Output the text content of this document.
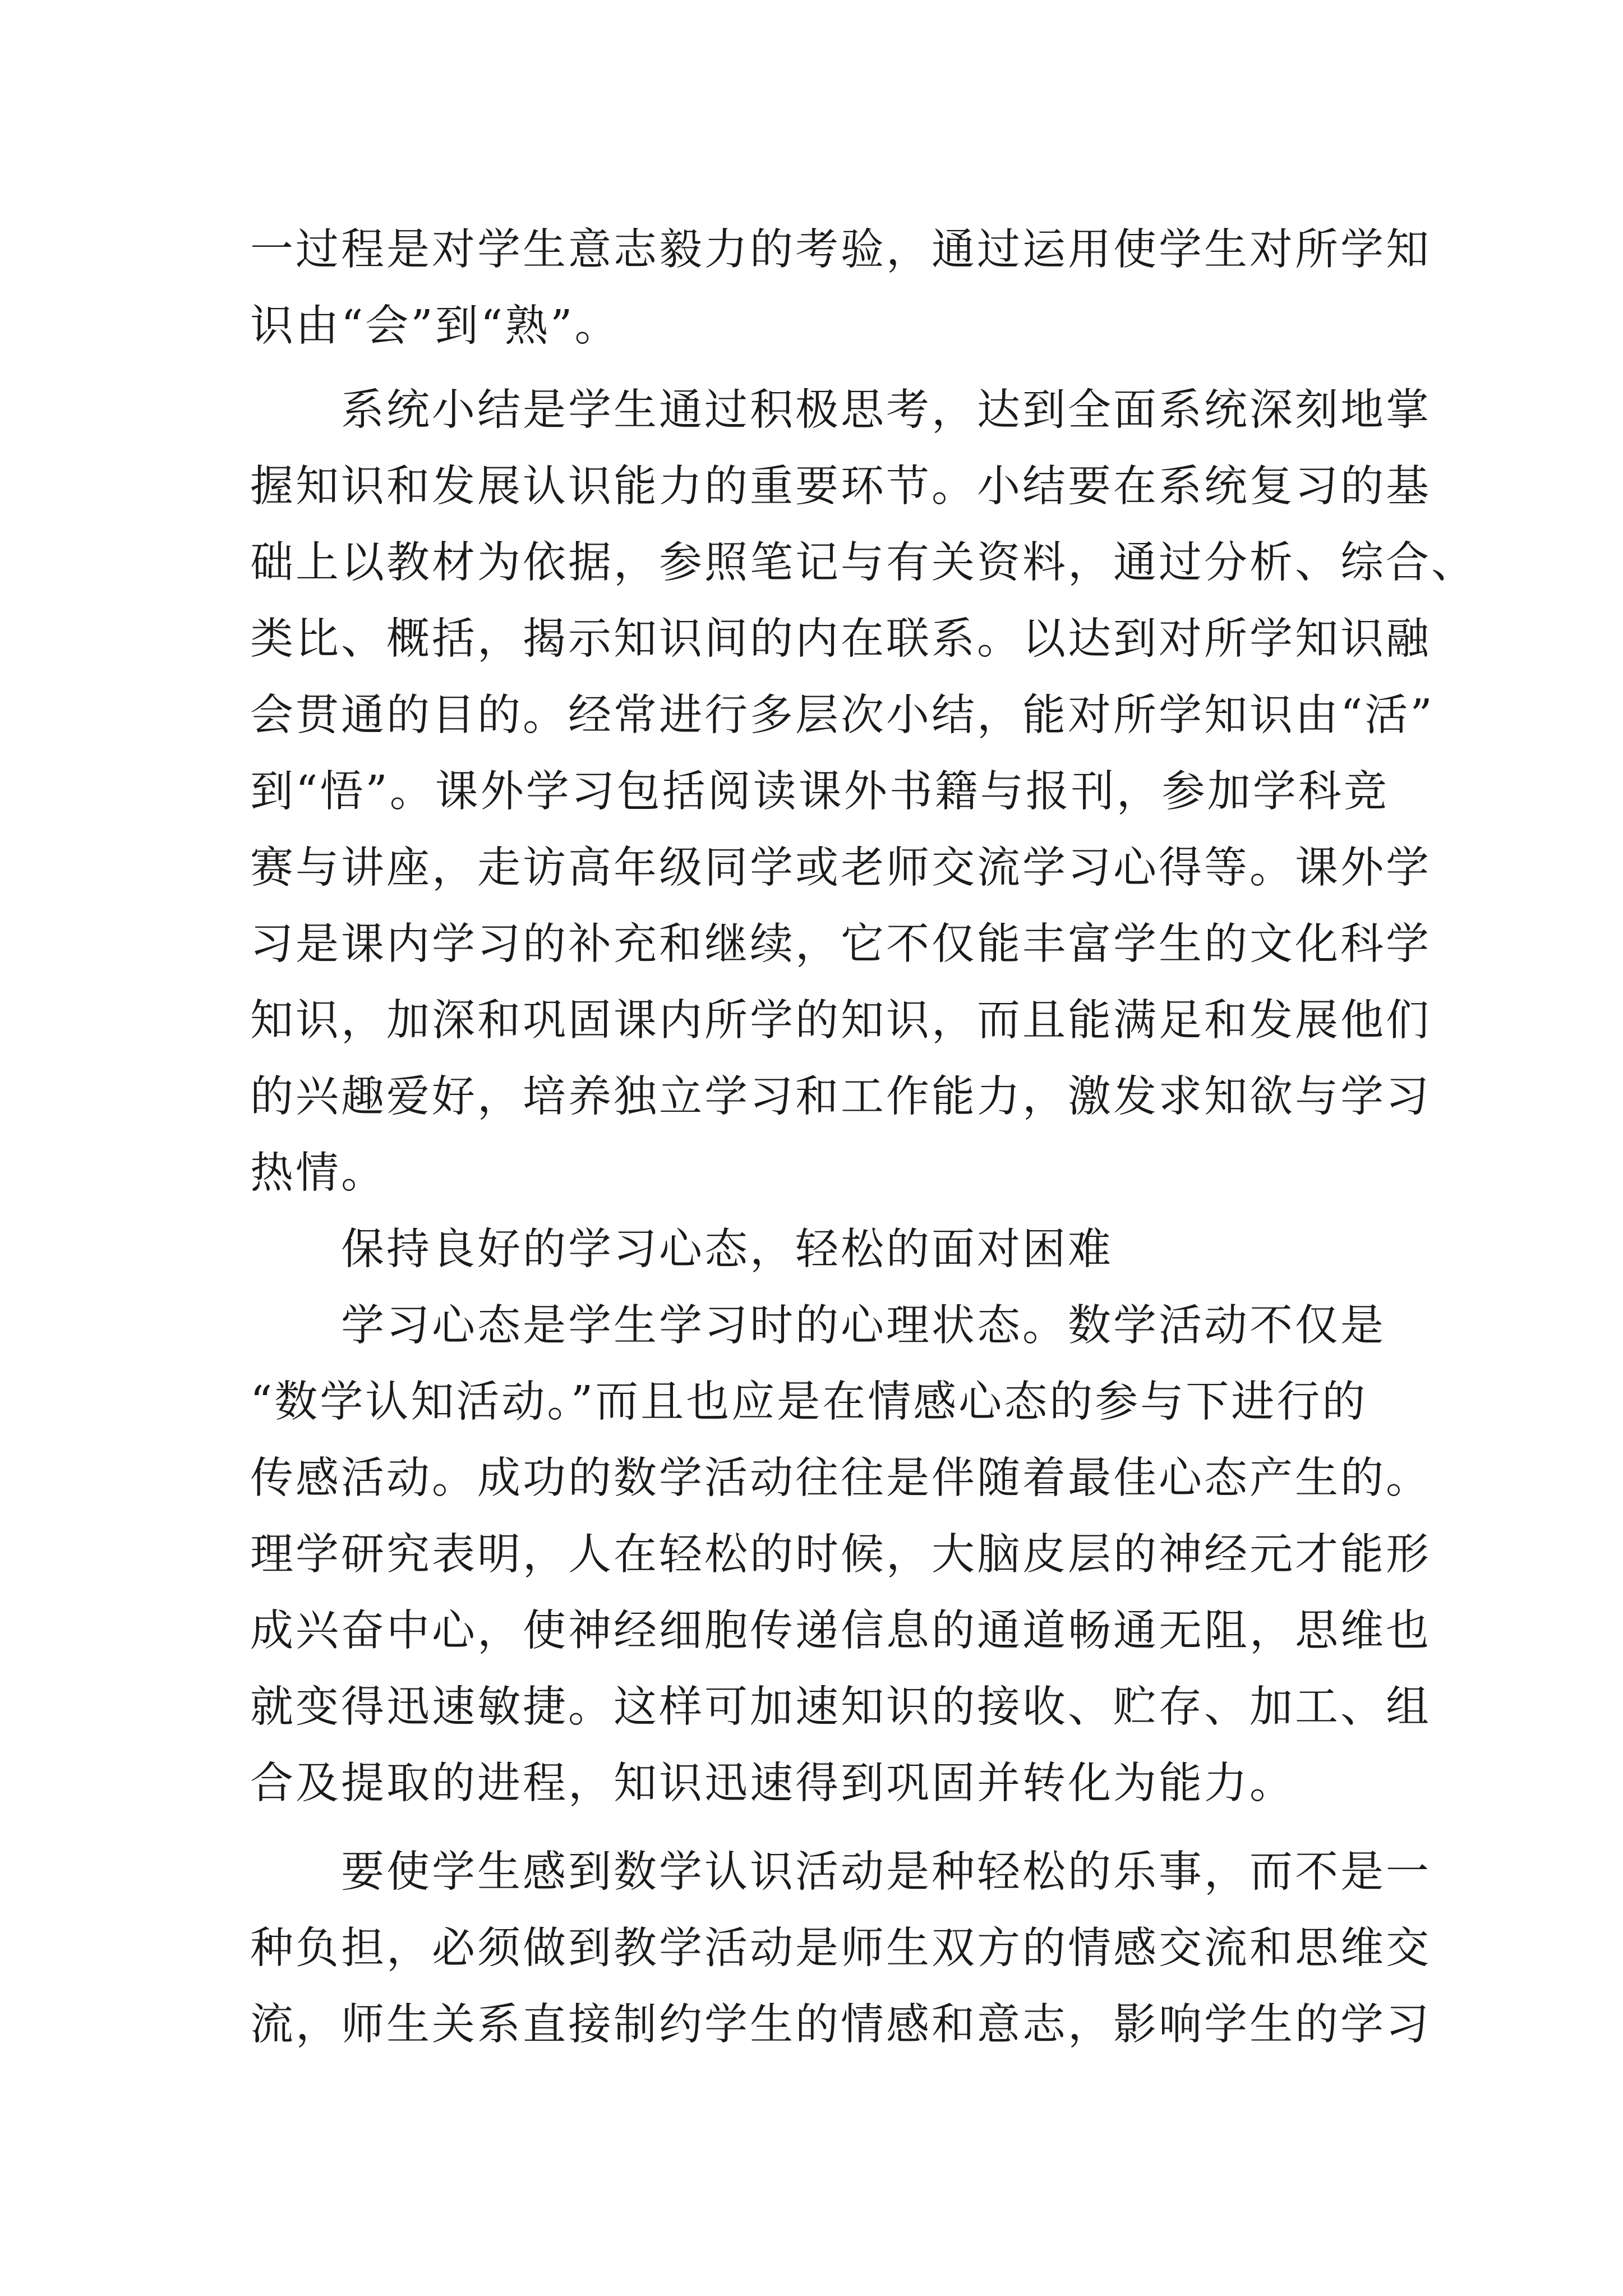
一过程是对学生意志毅力的考验，通过运用使学生对所学知
识由“会”到“熟”。
系统小结是学生通过积极思考，达到全面系统深刻地掌
握知识和发展认识能力的重要环节。小结要在系统复习的基
础上以教材为依据，参照笔记与有关资料，通过分析、综合、
类比、概括，揭示知识间的内在联系。以达到对所学知识融
会贯通的目的。经常进行多层次小结，能对所学知识由“活”
到“悟”。课外学习包括阅读课外书籍与报刊，参加学科竞
赛与讲座，走访高年级同学或老师交流学习心得等。课外学
习是课内学习的补充和继续，它不仅能丰富学生的文化科学
知识，加深和巩固课内所学的知识，而且能满足和发展他们
的兴趣爱好，培养独立学习和工作能力，激发求知欲与学习
热情。
保持良好的学习心态，轻松的面对困难
学习心态是学生学习时的心理状态。数学活动不仅是
“数学认知活动。”而且也应是在情感心态的参与下进行的
传感活动。成功的数学活动往往是伴随着最佳心态产生的。
理学研究表明，人在轻松的时候，大脑皮层的神经元才能形
成兴奋中心，使神经细胞传递信息的通道畅通无阻，思维也
就变得迅速敏捷。这样可加速知识的接收、贮存、加工、组
合及提取的进程，知识迅速得到巩固并转化为能力。
要使学生感到数学认识活动是种轻松的乐事，而不是一
种负担，必须做到教学活动是师生双方的情感交流和思维交
流，师生关系直接制约学生的情感和意志，影响学生的学习
